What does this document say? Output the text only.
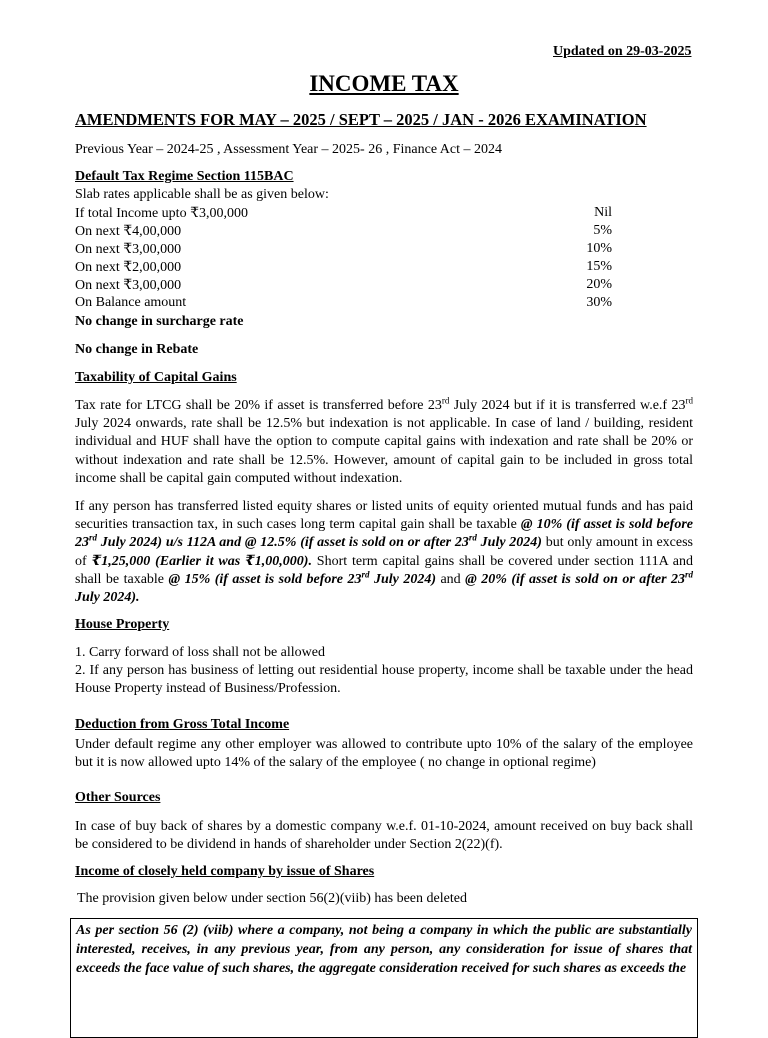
Updated on 29-03-2025
INCOME TAX
AMENDMENTS FOR MAY – 2025 / SEPT – 2025 / JAN - 2026 EXAMINATION
Previous Year – 2024-25 , Assessment Year – 2025- 26 , Finance Act – 2024
Default Tax Regime Section 115BAC
Slab rates applicable shall be as given below:
If total Income upto ₹3,00,000	Nil
On next ₹4,00,000	5%
On next ₹3,00,000	10%
On next ₹2,00,000	15%
On next ₹3,00,000	20%
On Balance amount	30%
No change in surcharge rate
No change in Rebate
Taxability of Capital Gains
Tax rate for LTCG shall be 20% if asset is transferred before 23rd July 2024 but if it is transferred w.e.f 23rd July 2024 onwards, rate shall be 12.5% but indexation is not applicable. In case of land / building, resident individual and HUF shall have the option to compute capital gains with indexation and rate shall be 20% or without indexation and rate shall be 12.5%. However, amount of capital gain to be included in gross total income shall be capital gain computed without indexation.
If any person has transferred listed equity shares or listed units of equity oriented mutual funds and has paid securities transaction tax, in such cases long term capital gain shall be taxable @ 10% (if asset is sold before 23rd July 2024) u/s 112A and @ 12.5% (if asset is sold on or after 23rd July 2024) but only amount in excess of ₹1,25,000 (Earlier it was ₹1,00,000). Short term capital gains shall be covered under section 111A and shall be taxable @ 15% (if asset is sold before 23rd July 2024) and @ 20% (if asset is sold on or after 23rd July 2024).
House Property
1. Carry forward of loss shall not be allowed
2. If any person has business of letting out residential house property, income shall be taxable under the head House Property instead of Business/Profession.
Deduction from Gross Total Income
Under default regime any other employer was allowed to contribute upto 10% of the salary of the employee but it is now allowed upto 14% of the salary of the employee ( no change in optional regime)
Other Sources
In case of buy back of shares by a domestic company w.e.f. 01-10-2024, amount received on buy back shall be considered to be dividend in hands of shareholder under Section 2(22)(f).
Income of closely held company by issue of Shares
The provision given below under section 56(2)(viib) has been deleted

As per section 56 (2) (viib) where a company, not being a company in which the public are substantially interested, receives, in any previous year, from any person, any consideration for issue of shares that exceeds the face value of such shares, the aggregate consideration received for such shares as exceeds the
